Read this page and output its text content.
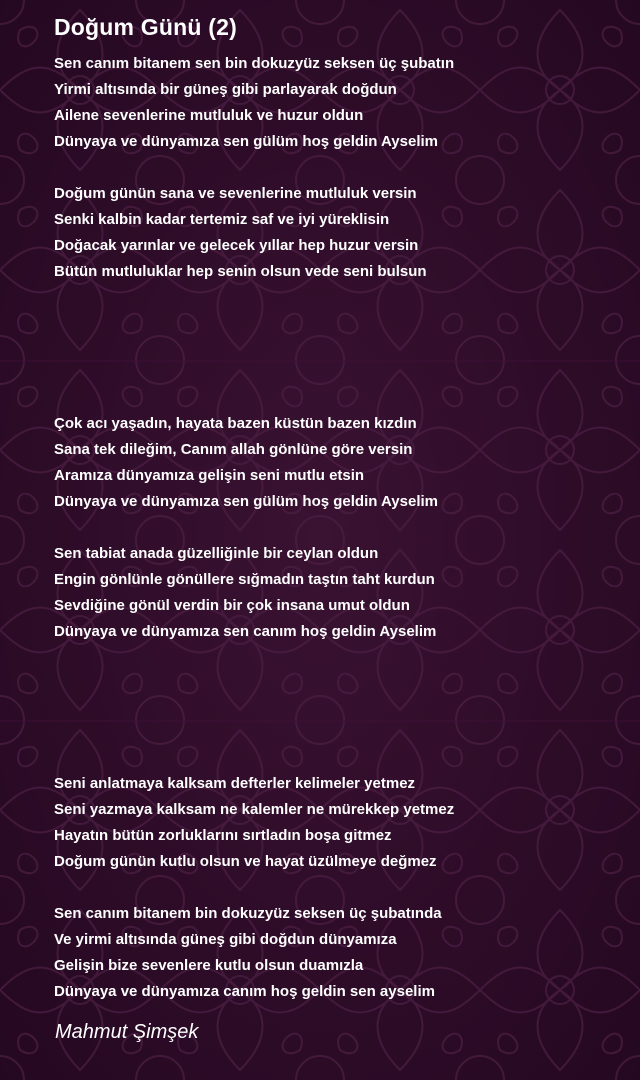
Doğum Günü (2)
Sen canım bitanem sen bin dokuzyüz seksen üç şubatın
Yirmi altısında bir güneş gibi parlayarak doğdun
Ailene sevenlerine mutluluk ve huzur oldun
Dünyaya ve dünyamıza sen gülüm hoş geldin Ayselim
Doğum günün sana ve sevenlerine mutluluk versin
Senki kalbin kadar tertemiz saf ve iyi yüreklisin
Doğacak yarınlar ve gelecek yıllar hep huzur versin
Bütün mutluluklar hep senin olsun vede seni bulsun
Çok acı yaşadın, hayata bazen küstün bazen kızdın
Sana tek dileğim, Canım allah gönlüne göre versin
Aramıza dünyamıza gelişin seni mutlu etsin
Dünyaya ve dünyamıza sen gülüm hoş geldin Ayselim
Sen tabiat anada güzelliğinle bir ceylan oldun
Engin gönlünle gönüllere sığmadın taştın taht kurdun
Sevdiğine gönül verdin bir çok insana umut oldun
Dünyaya ve dünyamıza sen canım hoş geldin Ayselim
Seni anlatmaya kalksam defterler kelimeler yetmez
Seni yazmaya kalksam ne kalemler ne mürekkep yetmez
Hayatın bütün zorluklarını sırtladın boşa gitmez
Doğum günün kutlu olsun ve hayat üzülmeye değmez
Sen canım bitanem bin dokuzyüz seksen üç şubatında
Ve yirmi altısında güneş gibi doğdun dünyamıza
Gelişin bize sevenlere kutlu olsun duamızla
Dünyaya ve dünyamıza canım hoş geldin sen ayselim
Mahmut Şimşek
